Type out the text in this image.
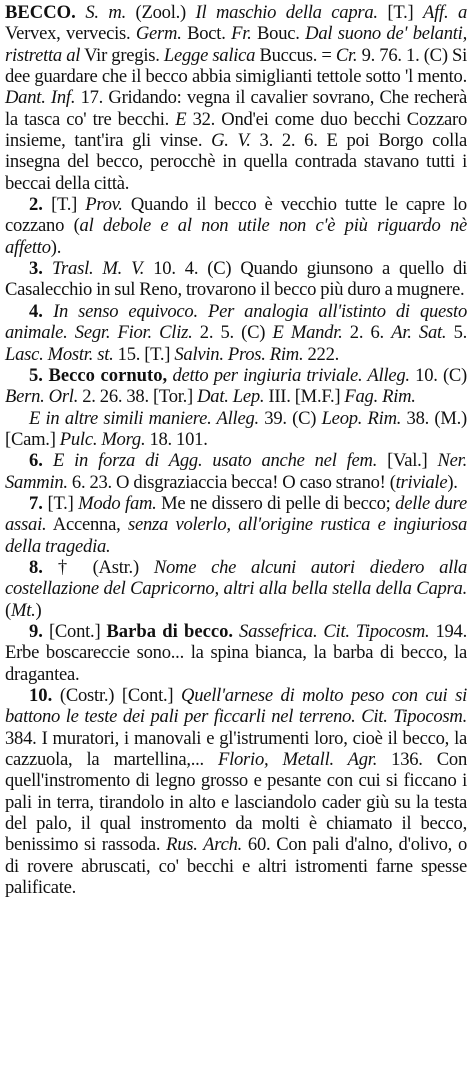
BECCO. S. m. (Zool.) Il maschio della capra. [T.] Aff. a Vervex, vervecis. Germ. Boct. Fr. Bouc. Dal suono de' belanti, ristretta al Vir gregis. Legge salica Buccus. = Cr. 9. 76. 1. (C) Si dee guardare che il becco abbia simiglianti tettole sotto 'l mento. Dant. Inf. 17. Gridando: vegna il cavalier sovrano, Che recherà la tasca co' tre becchi. E 32. Ond'ei come duo becchi Cozzaro insieme, tant'ira gli vinse. G. V. 3. 2. 6. E poi Borgo colla insegna del becco, perocchè in quella contrada stavano tutti i beccai della città.

2. [T.] Prov. Quando il becco è vecchio tutte le capre lo cozzano (al debole e al non utile non c'è più riguardo nè affetto).

3. Trasl. M. V. 10. 4. (C) Quando giunsono a quello di Casalecchio in sul Reno, trovarono il becco più duro a mugnere.

4. In senso equivoco. Per analogia all'istinto di questo animale. Segr. Fior. Cliz. 2. 5. (C) E Mandr. 2. 6. Ar. Sat. 5. Lasc. Mostr. st. 15. [T.] Salvin. Pros. Rim. 222.

5. Becco cornuto, detto per ingiuria triviale. Alleg. 10. (C) Bern. Orl. 2. 26. 38. [Tor.] Dat. Lep. III. [M.F.] Fag. Rim.

E in altre simili maniere. Alleg. 39. (C) Leop. Rim. 38. (M.) [Cam.] Pulc. Morg. 18. 101.

6. E in forza di Agg. usato anche nel fem. [Val.] Ner. Sammin. 6. 23. O disgraziaccia becca! O caso strano! (triviale).

7. [T.] Modo fam. Me ne dissero di pelle di becco; delle dure assai. Accenna, senza volerlo, all'origine rustica e ingiuriosa della tragedia.

8. † (Astr.) Nome che alcuni autori diedero alla costellazione del Capricorno, altri alla bella stella della Capra. (Mt.)

9. [Cont.] Barba di becco. Sassefrica. Cit. Tipocosm. 194. Erbe boscareccie sono... la spina bianca, la barba di becco, la dragantea.

10. (Costr.) [Cont.] Quell'arnese di molto peso con cui si battono le teste dei pali per ficcarli nel terreno. Cit. Tipocosm. 384. I muratori, i manovali e gl'istrumenti loro, cioè il becco, la cazzuola, la martellina,... Florio, Metall. Agr. 136. Con quell'instromento di legno grosso e pesante con cui si ficcano i pali in terra, tirandolo in alto e lasciandolo cader giù su la testa del palo, il qual instromento da molti è chiamato il becco, benissimo si rassoda. Rus. Arch. 60. Con pali d'alno, d'olivo, o di rovere abruscati, co' becchi e altri istromenti farne spesse palificate.
